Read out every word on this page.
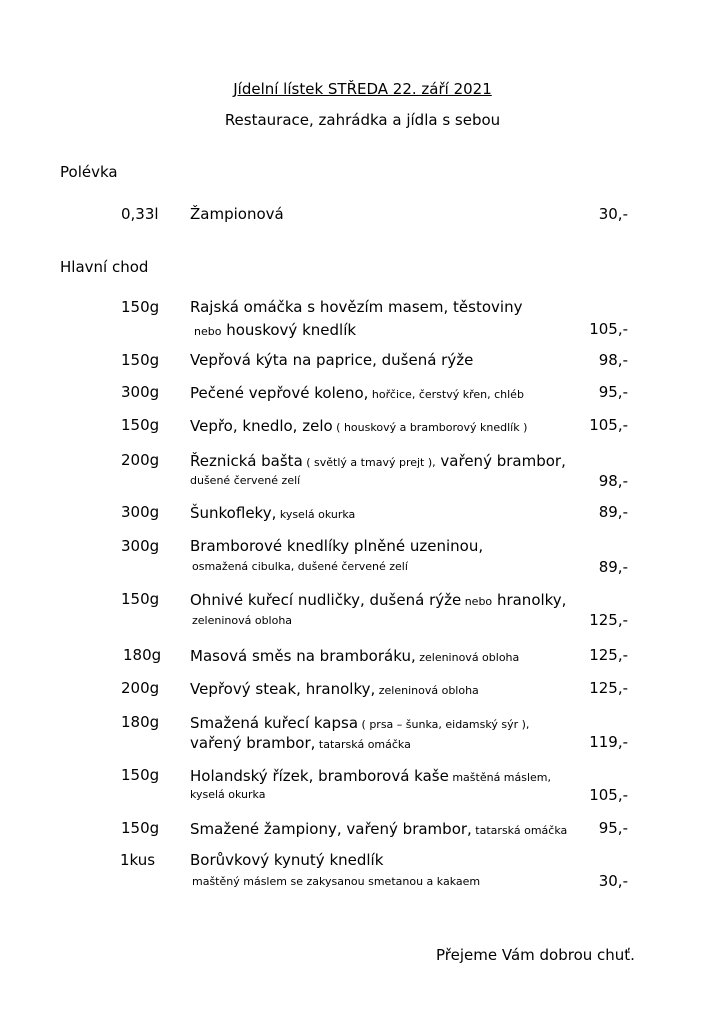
Jídelní lístek STŘEDA 22. září 2021
Restaurace, zahrádka a jídla s sebou
Polévka
0,33l Žampionová	30,-
Hlavní chod
150g Rajská omáčka s hovězím masem, těstoviny
nebo houskový knedlík	105,-
150g Vepřová kýta na paprice, dušená rýže	98,-
300g Pečené vepřové koleno, hořčice, čerstvý křen, chléb	95,-
150g Vepřo, knedlo, zelo ( houskový a bramborový knedlík )	105,-
200g Řeznická bašta ( světlý a tmavý prejt ), vařený brambor,
dušené červené zelí	98,-
300g Šunkofleky, kyselá okurka	89,-
300g Bramborové knedlíky plněné uzeninou,
osmažená cibulka, dušené červené zelí	89,-
150g Ohnivé kuřecí nudličky, dušená rýže nebo hranolky,
zeleninová obloha	125,-
180g Masová směs na bramboráku, zeleninová obloha	125,-
200g Vepřový steak, hranolky, zeleninová obloha	125,-
180g Smažená kuřecí kapsa ( prsa – šunka, eidamský sýr ),
vařený brambor, tatarská omáčka	119,-
150g Holandský řízek, bramborová kaše maštěná máslem,
kyselá okurka	105,-
150g Smažené žampiony, vařený brambor, tatarská omáčka	95,-
1kus Borůvkový kynutý knedlík
maštěný máslem se zakysanou smetanou a kakaem	30,-
Přejeme Vám dobrou chuť.
